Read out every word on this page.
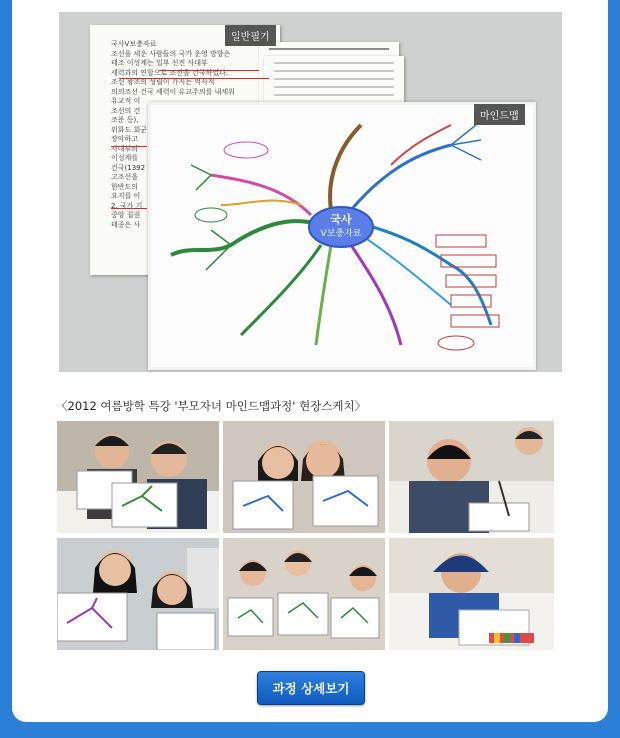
국사V보충자료
조선을 세운 사람들의 국가 운영 방향은
태조 이성계는 일부 신진 사대부
세력과의 연합으로 조선을 건국하였다.
조선 왕조의 성립이 가지는 역사적
의의조선 건국 세력이 유교주의를 내세워
유교적 이
조선의 건
조준 등),
위화도 회군
장악하고
사대부의
이성계를
건국(1392
고조선을
한반도의
요지를 이
2. 국가 기
중앙 집권
태종은 사
일반필기
국사
V보충자료
마인드맵
〈2012 여름방학 특강 '부모자녀 마인드맵과정' 현장스케치〉
과정 상세보기
